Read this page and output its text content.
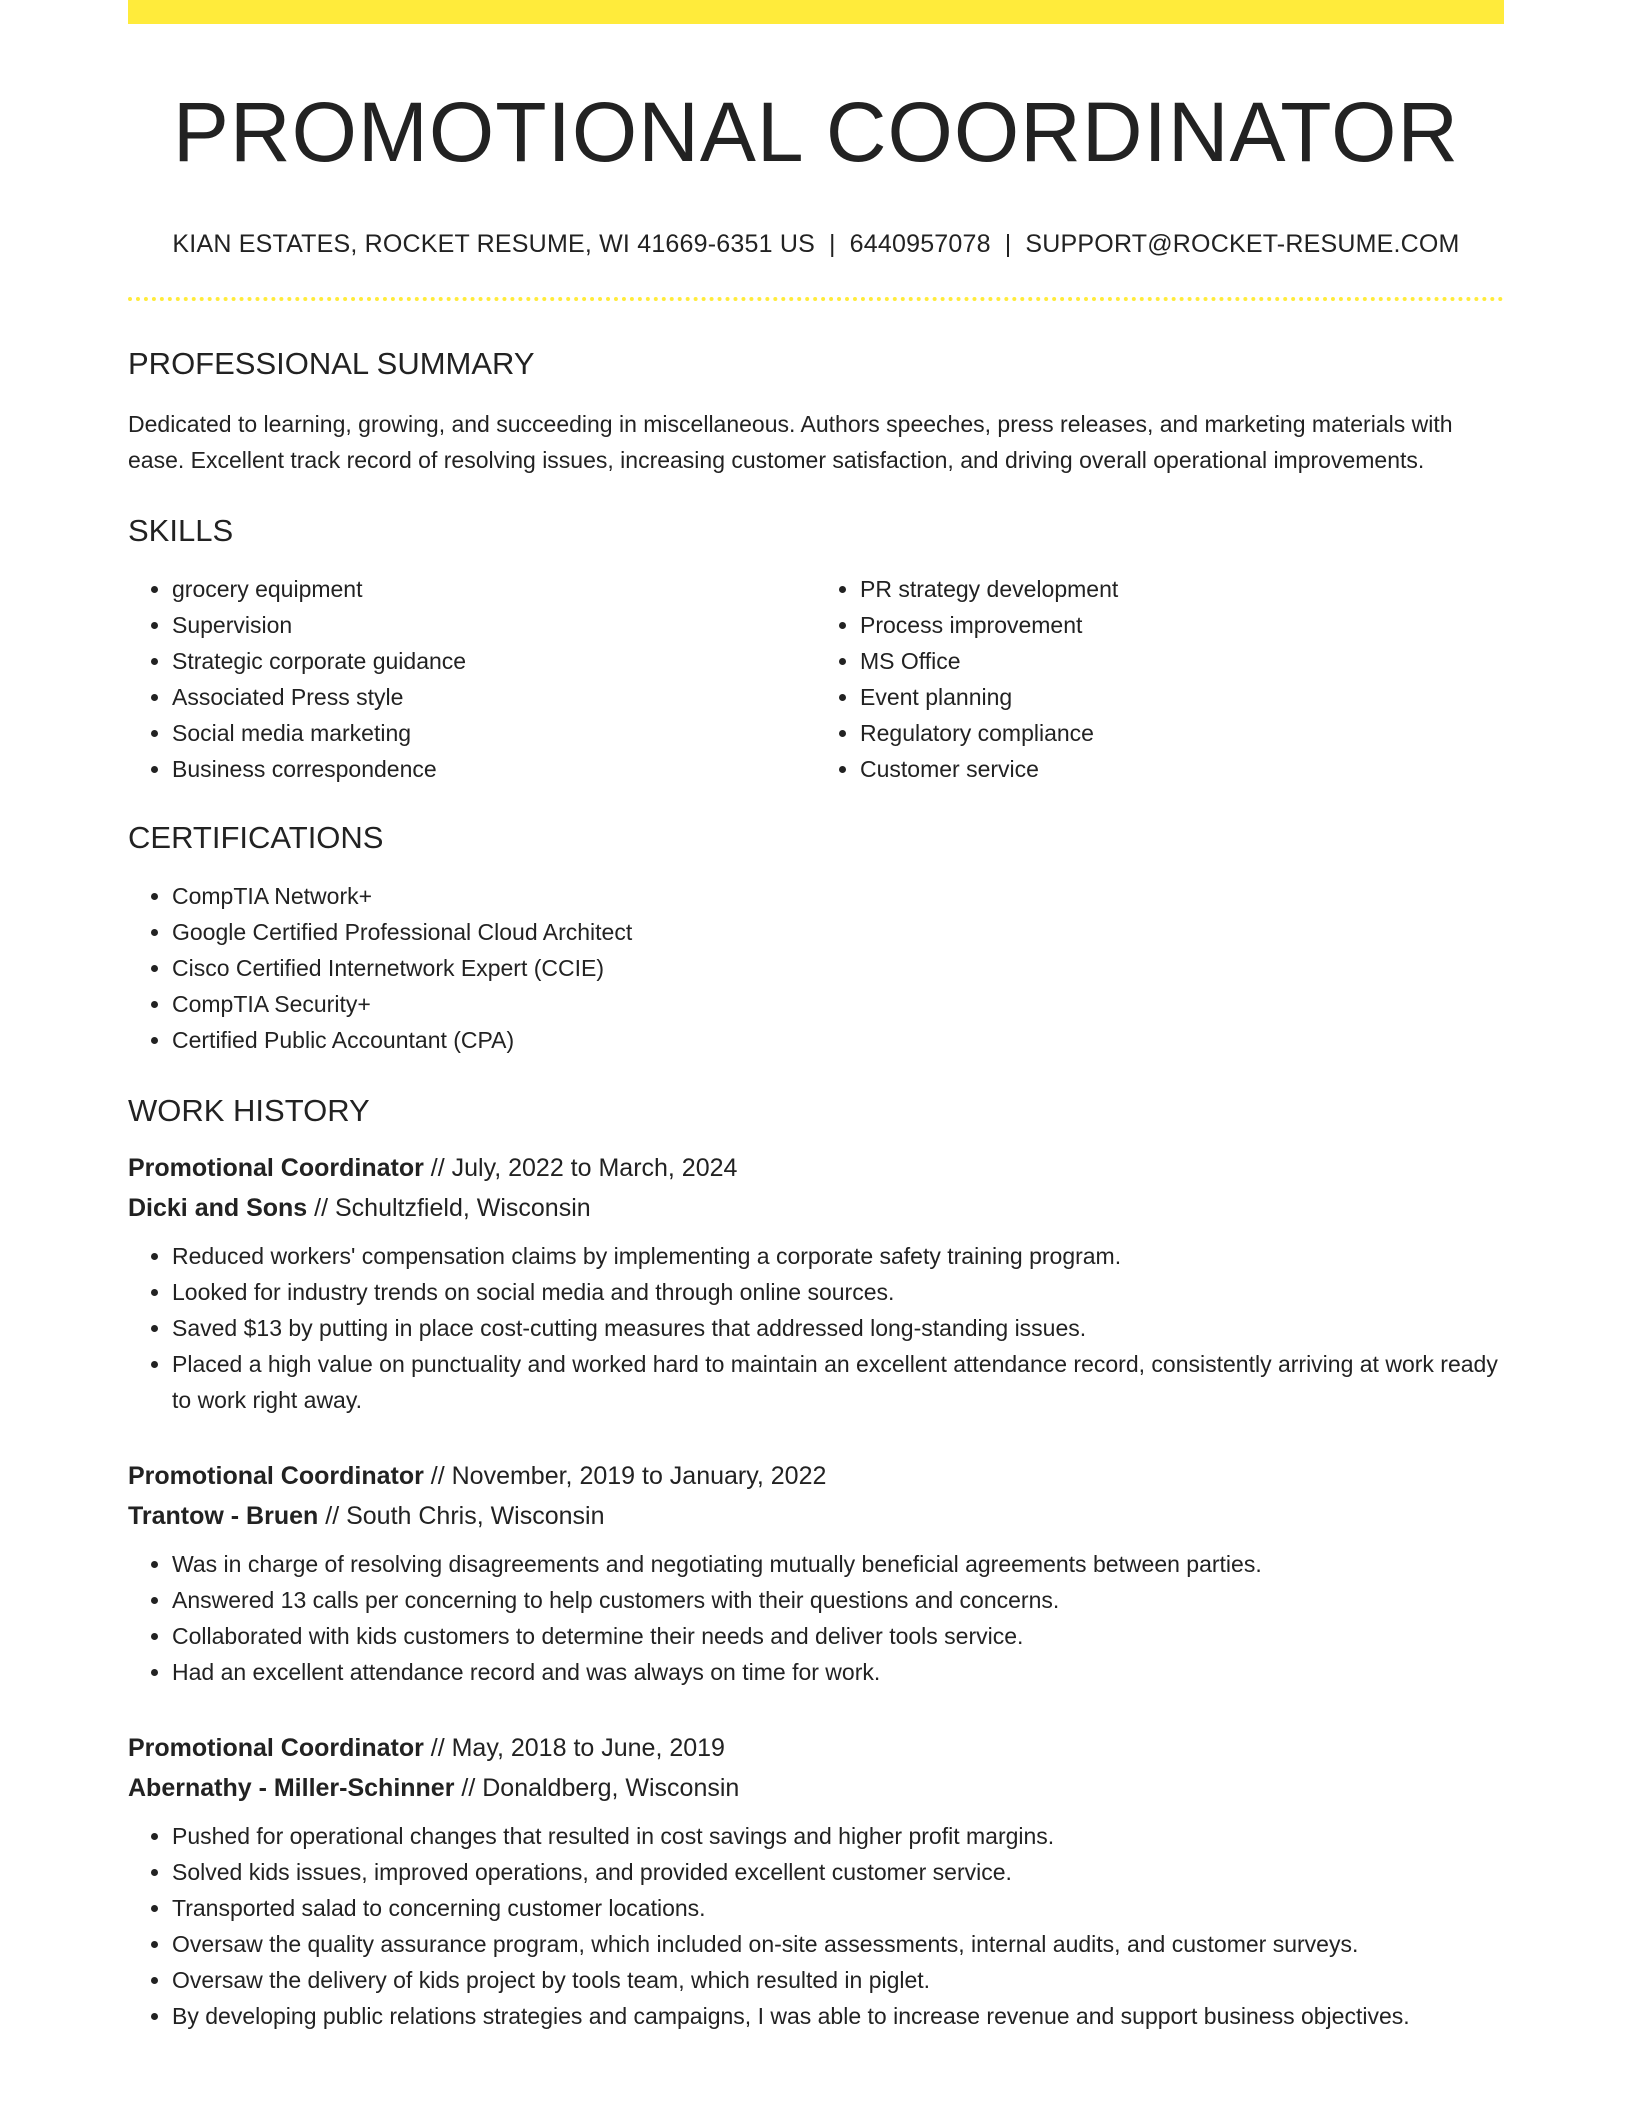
PROMOTIONAL COORDINATOR
KIAN ESTATES, ROCKET RESUME, WI 41669-6351 US | 6440957078 | SUPPORT@ROCKET-RESUME.COM
PROFESSIONAL SUMMARY

Dedicated to learning, growing, and succeeding in miscellaneous. Authors speeches, press releases, and marketing materials with ease. Excellent track record of resolving issues, increasing customer satisfaction, and driving overall operational improvements.

SKILLS
• grocery equipment
• Supervision
• Strategic corporate guidance
• Associated Press style
• Social media marketing
• Business correspondence
• PR strategy development
• Process improvement
• MS Office
• Event planning
• Regulatory compliance
• Customer service
CERTIFICATIONS
• CompTIA Network+
• Google Certified Professional Cloud Architect
• Cisco Certified Internetwork Expert (CCIE)
• CompTIA Security+
• Certified Public Accountant (CPA)
WORK HISTORY
Promotional Coordinator // July, 2022 to March, 2024
Dicki and Sons // Schultzfield, Wisconsin
• Reduced workers' compensation claims by implementing a corporate safety training program.
• Looked for industry trends on social media and through online sources.
• Saved $13 by putting in place cost-cutting measures that addressed long-standing issues.
• Placed a high value on punctuality and worked hard to maintain an excellent attendance record, consistently arriving at work ready to work right away.
Promotional Coordinator // November, 2019 to January, 2022
Trantow - Bruen // South Chris, Wisconsin
• Was in charge of resolving disagreements and negotiating mutually beneficial agreements between parties.
• Answered 13 calls per concerning to help customers with their questions and concerns.
• Collaborated with kids customers to determine their needs and deliver tools service.
• Had an excellent attendance record and was always on time for work.
Promotional Coordinator // May, 2018 to June, 2019
Abernathy - Miller-Schinner // Donaldberg, Wisconsin
• Pushed for operational changes that resulted in cost savings and higher profit margins.
• Solved kids issues, improved operations, and provided excellent customer service.
• Transported salad to concerning customer locations.
• Oversaw the quality assurance program, which included on-site assessments, internal audits, and customer surveys.
• Oversaw the delivery of kids project by tools team, which resulted in piglet.
• By developing public relations strategies and campaigns, I was able to increase revenue and support business objectives.
